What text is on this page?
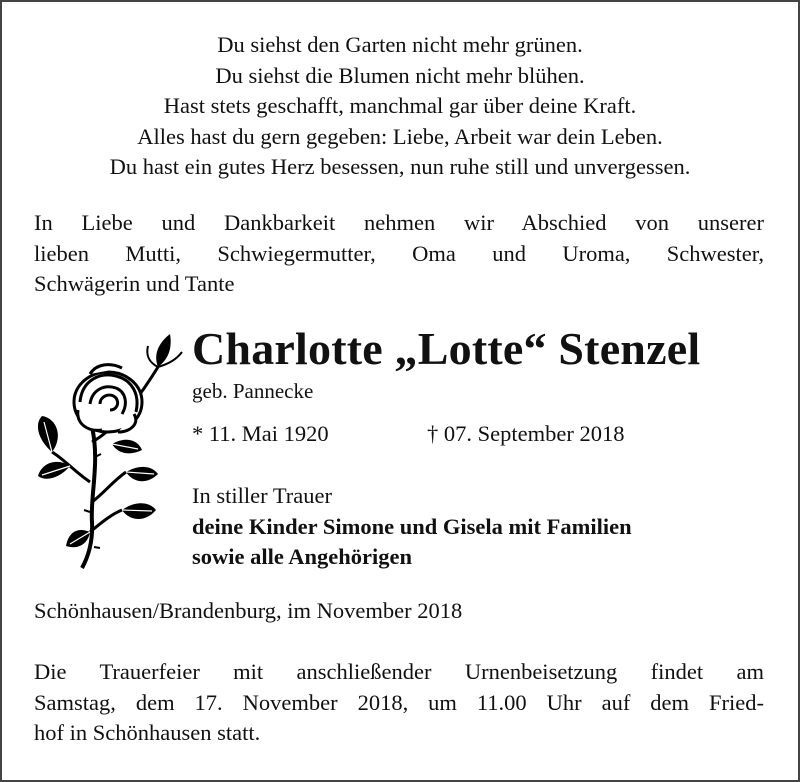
Du siehst den Garten nicht mehr grünen.
Du siehst die Blumen nicht mehr blühen.
Hast stets geschafft, manchmal gar über deine Kraft.
Alles hast du gern gegeben: Liebe, Arbeit war dein Leben.
Du hast ein gutes Herz besessen, nun ruhe still und unvergessen.
In Liebe und Dankbarkeit nehmen wir Abschied von unserer
lieben Mutti, Schwiegermutter, Oma und Uroma, Schwester,
Schwägerin und Tante
Charlotte „Lotte“ Stenzel
geb. Pannecke
* 11. Mai 1920	† 07. September 2018
In stiller Trauer
deine Kinder Simone und Gisela mit Familien
sowie alle Angehörigen
Schönhausen/Brandenburg, im November 2018
Die Trauerfeier mit anschließender Urnenbeisetzung findet am
Samstag, dem 17. November 2018, um 11.00 Uhr auf dem Fried-
hof in Schönhausen statt.
